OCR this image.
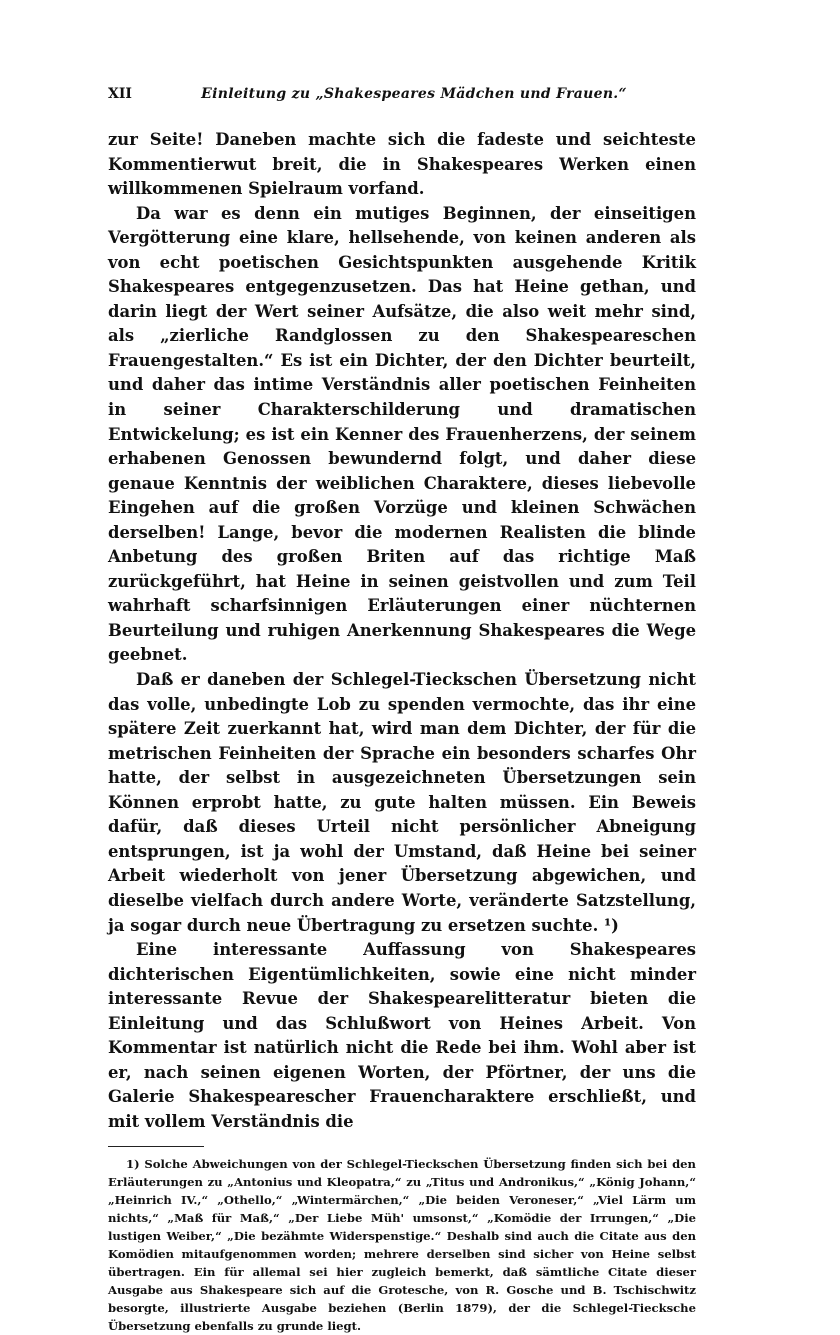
XII	Einleitung zu „Shakespeares Mädchen und Frauen.“

zur Seite! Daneben machte sich die fadeste und seichteste Kommentierwut breit, die in Shakespeares Werken einen willkommenen Spielraum vorfand.

Da war es denn ein mutiges Beginnen, der einseitigen Vergötterung eine klare, hellsehende, von keinen anderen als von echt poetischen Gesichtspunkten ausgehende Kritik Shakespeares entgegenzusetzen. Das hat Heine gethan, und darin liegt der Wert seiner Aufsätze, die also weit mehr sind, als „zierliche Randglossen zu den Shakespeareschen Frauengestalten.“ Es ist ein Dichter, der den Dichter beurteilt, und daher das intime Verständnis aller poetischen Feinheiten in seiner Charakterschilderung und dramatischen Entwickelung; es ist ein Kenner des Frauenherzens, der seinem erhabenen Genossen bewundernd folgt, und daher diese genaue Kenntnis der weiblichen Charaktere, dieses liebevolle Eingehen auf die großen Vorzüge und kleinen Schwächen derselben! Lange, bevor die modernen Realisten die blinde Anbetung des großen Briten auf das richtige Maß zurückgeführt, hat Heine in seinen geistvollen und zum Teil wahrhaft scharfsinnigen Erläuterungen einer nüchternen Beurteilung und ruhigen Anerkennung Shakespeares die Wege geebnet.

Daß er daneben der Schlegel-Tieckschen Übersetzung nicht das volle, unbedingte Lob zu spenden vermochte, das ihr eine spätere Zeit zuerkannt hat, wird man dem Dichter, der für die metrischen Feinheiten der Sprache ein besonders scharfes Ohr hatte, der selbst in ausgezeichneten Übersetzungen sein Können erprobt hatte, zu gute halten müssen. Ein Beweis dafür, daß dieses Urteil nicht persönlicher Abneigung entsprungen, ist ja wohl der Umstand, daß Heine bei seiner Arbeit wiederholt von jener Übersetzung abgewichen, und dieselbe vielfach durch andere Worte, veränderte Satzstellung, ja sogar durch neue Übertragung zu ersetzen suchte. ¹)

Eine interessante Auffassung von Shakespeares dichterischen Eigentümlichkeiten, sowie eine nicht minder interessante Revue der Shakespearelitteratur bieten die Einleitung und das Schlußwort von Heines Arbeit. Von Kommentar ist natürlich nicht die Rede bei ihm. Wohl aber ist er, nach seinen eigenen Worten, der Pförtner, der uns die Galerie Shakespearescher Frauencharaktere erschließt, und mit vollem Verständnis die

1) Solche Abweichungen von der Schlegel-Tieckschen Übersetzung finden sich bei den Erläuterungen zu „Antonius und Kleopatra,“ zu „Titus und Andronikus,“ „König Johann,“ „Heinrich IV.,“ „Othello,“ „Wintermärchen,“ „Die beiden Veroneser,“ „Viel Lärm um nichts,“ „Maß für Maß,“ „Der Liebe Müh' umsonst,“ „Komödie der Irrungen,“ „Die lustigen Weiber,“ „Die bezähmte Widerspenstige.“ Deshalb sind auch die Citate aus den Komödien mitaufgenommen worden; mehrere derselben sind sicher von Heine selbst übertragen. Ein für allemal sei hier zugleich bemerkt, daß sämtliche Citate dieser Ausgabe aus Shakespeare sich auf die Grotesche, von R. Gosche und B. Tschischwitz besorgte, illustrierte Ausgabe beziehen (Berlin 1879), der die Schlegel-Tiecksche Übersetzung ebenfalls zu grunde liegt.
